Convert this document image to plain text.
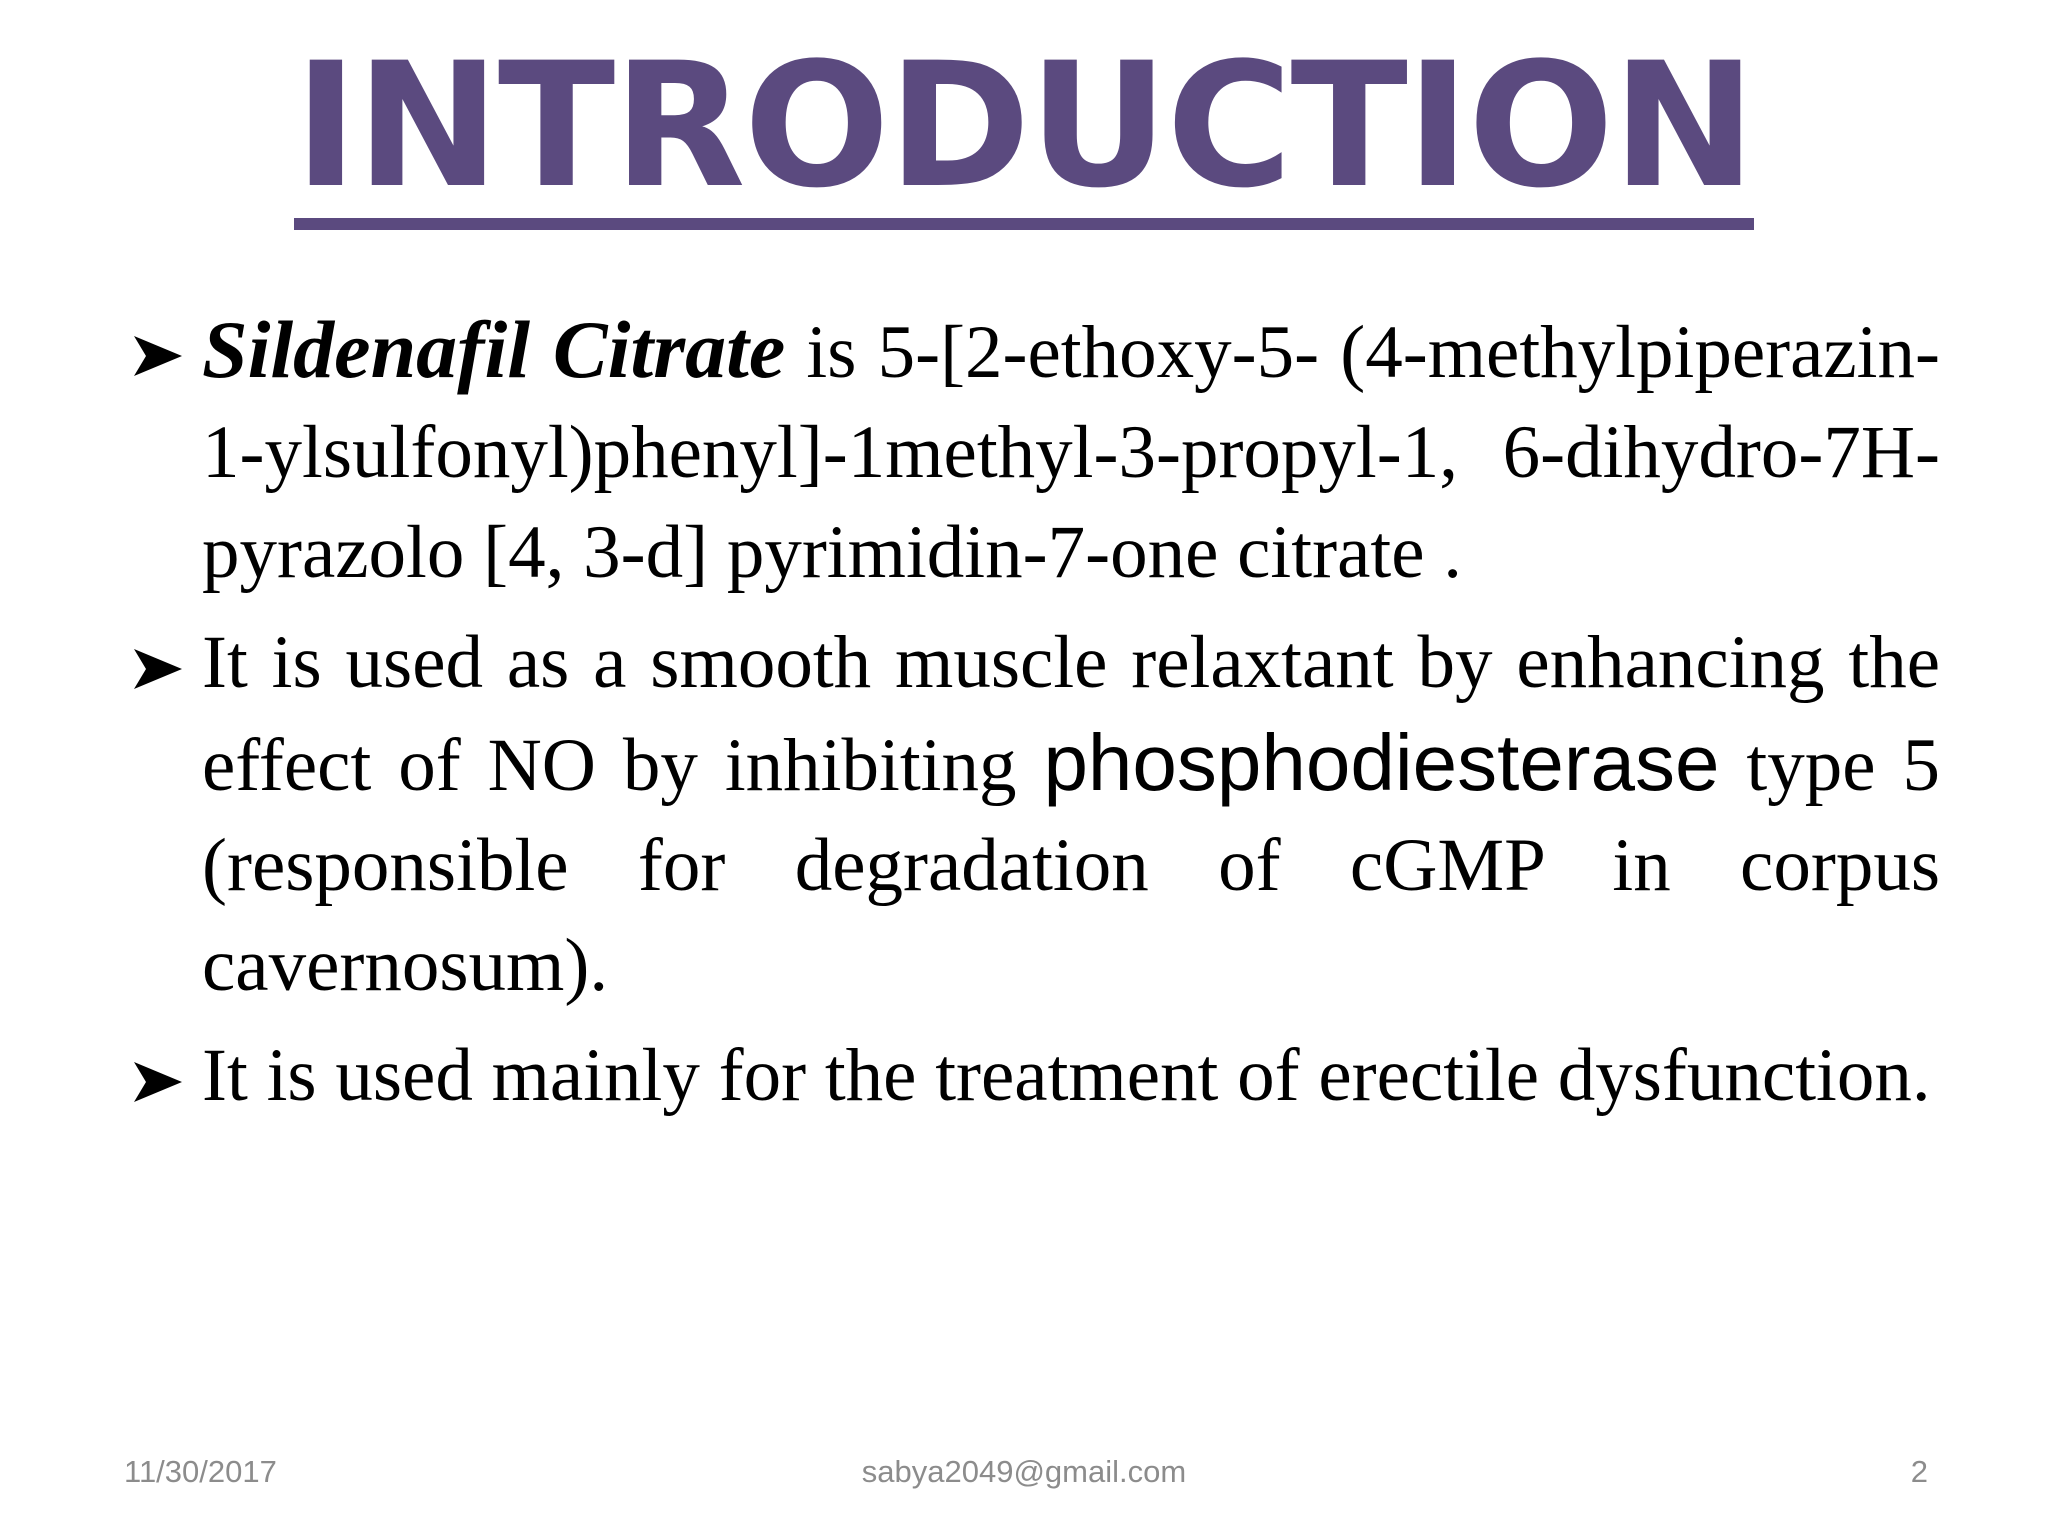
INTRODUCTION
Sildenafil Citrate is 5-[2-ethoxy-5- (4-methylpiperazin-1-ylsulfonyl)phenyl]-1methyl-3-propyl-1, 6-dihydro-7H-pyrazolo [4, 3-d] pyrimidin-7-one citrate .
It is used as a smooth muscle relaxtant by enhancing the effect of NO by inhibiting phosphodiesterase type 5 (responsible for degradation of cGMP in corpus cavernosum).
It is used mainly for the treatment of erectile dysfunction.
11/30/2017	sabya2049@gmail.com	2
